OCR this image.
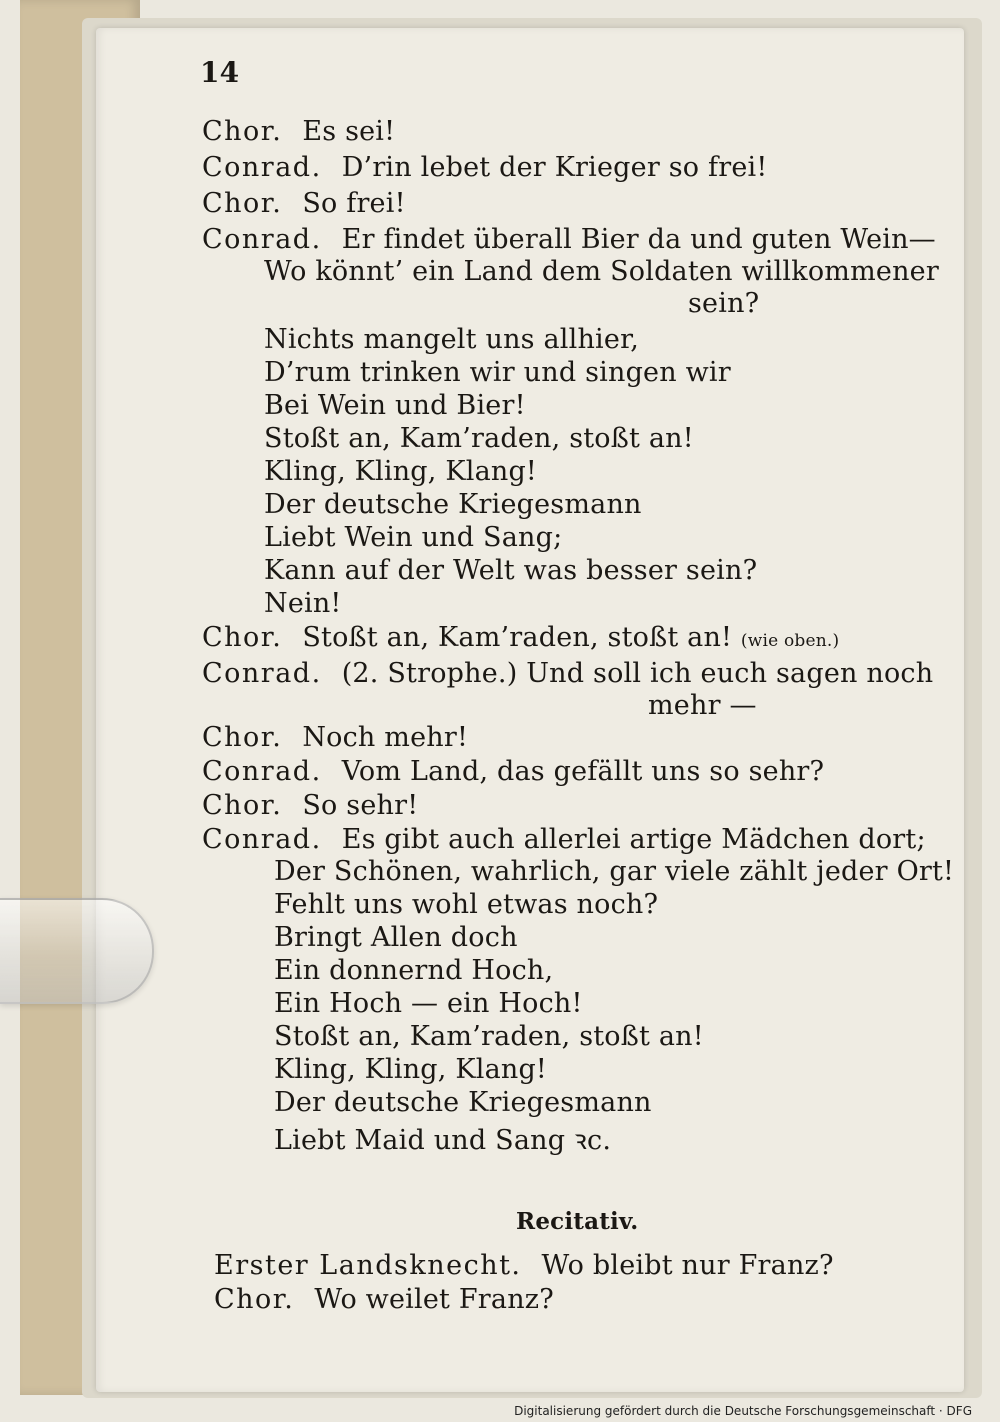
14
Chor. Es sei!
Conrad. D’rin lebet der Krieger so frei!
Chor. So frei!
Conrad. Er findet überall Bier da und guten Wein—
Wo könnt’ ein Land dem Soldaten willkommener
sein?
Nichts mangelt uns allhier,
D’rum trinken wir und singen wir
Bei Wein und Bier!
Stoßt an, Kam’raden, stoßt an!
Kling, Kling, Klang!
Der deutsche Kriegesmann
Liebt Wein und Sang;
Kann auf der Welt was besser sein?
Nein!
Chor. Stoßt an, Kam’raden, stoßt an! (wie oben.)
Conrad. (2. Strophe.) Und soll ich euch sagen noch
mehr —
Chor. Noch mehr!
Conrad. Vom Land, das gefällt uns so sehr?
Chor. So sehr!
Conrad. Es gibt auch allerlei artige Mädchen dort;
Der Schönen, wahrlich, gar viele zählt jeder Ort!
Fehlt uns wohl etwas noch?
Bringt Allen doch
Ein donnernd Hoch,
Ein Hoch — ein Hoch!
Stoßt an, Kam’raden, stoßt an!
Kling, Kling, Klang!
Der deutsche Kriegesmann
Liebt Maid und Sang ꝛc.
Recitativ.
Erster Landsknecht. Wo bleibt nur Franz?
Chor. Wo weilet Franz?
Digitalisierung gefördert durch die Deutsche Forschungsgemeinschaft · DFG
